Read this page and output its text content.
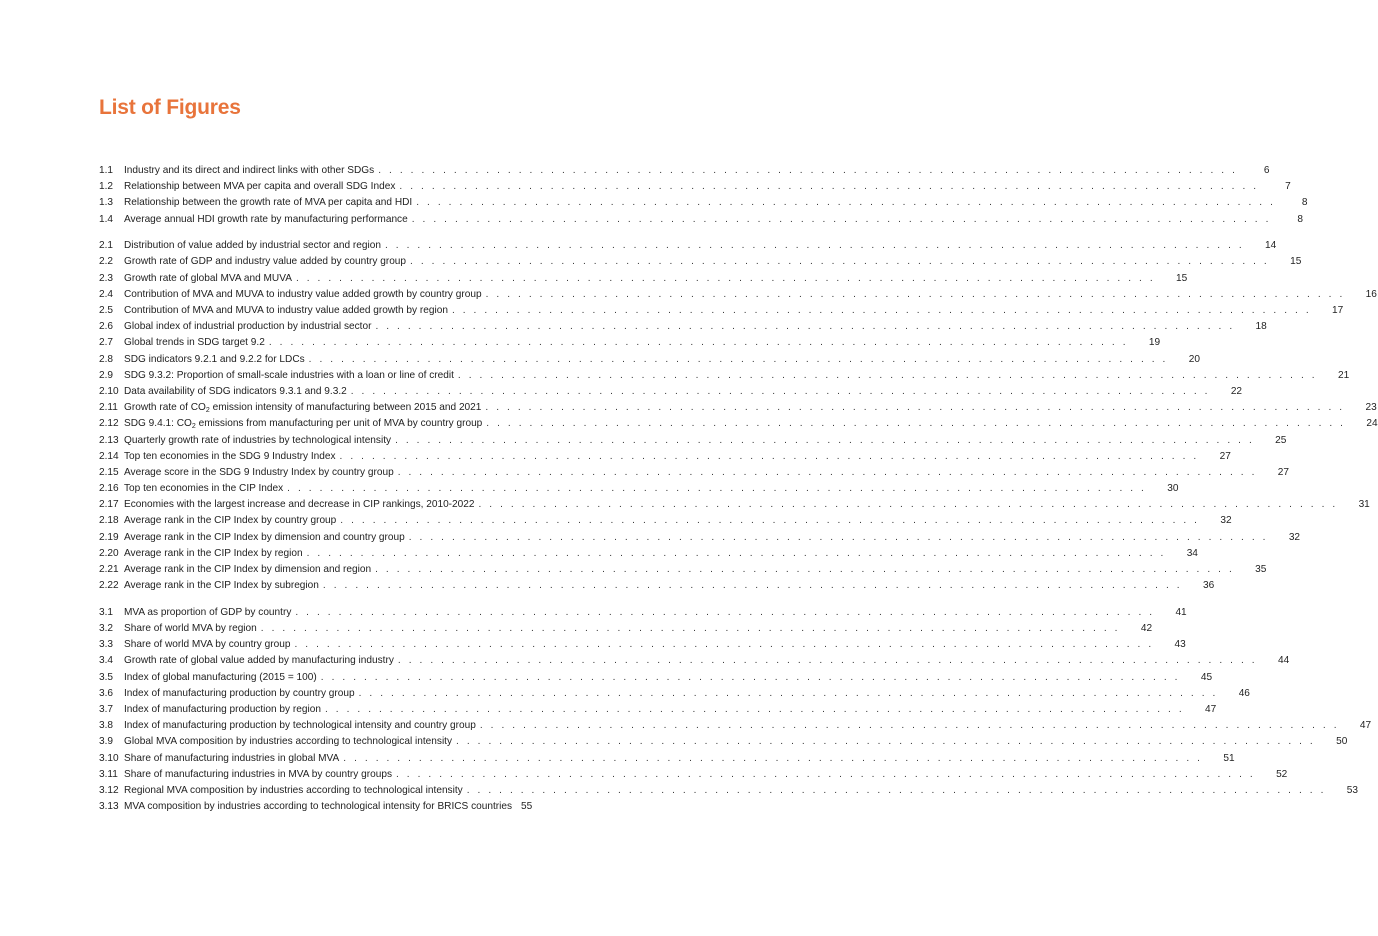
List of Figures
1.1	Industry and its direct and indirect links with other SDGs . . . . . . . . . . . . . . . . . . . . . . . . . . . . . . . . . . . . . . . . . . . . . . . . . . . . . . . . . . . . . . . . . . . . . . . . . . . . . . . .	6
1.2	Relationship between MVA per capita and overall SDG Index . . . . . . . . . . . . . . . . . . . . . . . . . . . . . . . . . . . . . . . . . . . . . . . . . . . . . . . . . . . . . . . . . . . . . . . . . . . . . . . .	7
1.3	Relationship between the growth rate of MVA per capita and HDI . . . . . . . . . . . . . . . . . . . . . . . . . . . . . . . . . . . . . . . . . . . . . . . . . . . . . . . . . . . . . . . . . . . . . . . . . . . . . . . .	8
1.4	Average annual HDI growth rate by manufacturing performance . . . . . . . . . . . . . . . . . . . . . . . . . . . . . . . . . . . . . . . . . . . . . . . . . . . . . . . . . . . . . . . . . . . . . . . . . . . . . . . .	8
2.1	Distribution of value added by industrial sector and region . . . . . . . . . . . . . . . . . . . . . . . . . . . . . . . . . . . . . . . . . . . . . . . . . . . . . . . . . . . . . . . . . . . . . . . . . . . . . . . .	14
2.2	Growth rate of GDP and industry value added by country group . . . . . . . . . . . . . . . . . . . . . . . . . . . . . . . . . . . . . . . . . . . . . . . . . . . . . . . . . . . . . . . . . . . . . . . . . . . . . . . .	15
2.3	Growth rate of global MVA and MUVA . . . . . . . . . . . . . . . . . . . . . . . . . . . . . . . . . . . . . . . . . . . . . . . . . . . . . . . . . . . . . . . . . . . . . . . . . . . . . . . .	15
2.4	Contribution of MVA and MUVA to industry value added growth by country group . . . . . . . . . . . . . . . . . . . . . . . . . . . . . . . . . . . . . . . . . . . . . . . . . . . . . . . . . . . . . . . . . . . . . . . . . . . . . . . .	16
2.5	Contribution of MVA and MUVA to industry value added growth by region . . . . . . . . . . . . . . . . . . . . . . . . . . . . . . . . . . . . . . . . . . . . . . . . . . . . . . . . . . . . . . . . . . . . . . . . . . . . . . . .	17
2.6	Global index of industrial production by industrial sector . . . . . . . . . . . . . . . . . . . . . . . . . . . . . . . . . . . . . . . . . . . . . . . . . . . . . . . . . . . . . . . . . . . . . . . . . . . . . . . .	18
2.7	Global trends in SDG target 9.2 . . . . . . . . . . . . . . . . . . . . . . . . . . . . . . . . . . . . . . . . . . . . . . . . . . . . . . . . . . . . . . . . . . . . . . . . . . . . . . . .	19
2.8	SDG indicators 9.2.1 and 9.2.2 for LDCs . . . . . . . . . . . . . . . . . . . . . . . . . . . . . . . . . . . . . . . . . . . . . . . . . . . . . . . . . . . . . . . . . . . . . . . . . . . . . . . .	20
2.9	SDG 9.3.2: Proportion of small-scale industries with a loan or line of credit . . . . . . . . . . . . . . . . . . . . . . . . . . . . . . . . . . . . . . . . . . . . . . . . . . . . . . . . . . . . . . . . . . . . . . . . . . . . . . . .	21
2.10 Data availability of SDG indicators 9.3.1 and 9.3.2 . . . . . . . . . . . . . . . . . . . . . . . . . . . . . . . . . . . . . . . . . . . . . . . . . . . . . . . . . . . . . . . . . . . . . . . . . . . . . . . .	22
2.11 Growth rate of $CO_2$ emission intensity of manufacturing between 2015 and 2021 . . . . . . . . . . . . . . . . . . . . . . . . . . . . . . . . . . . . . . . . . . . . . . . . . . . . . . . . . . . . . . . . . . . . . . . . . . . . . . . .	23
2.12 SDG 9.4.1: $CO_2$ emissions from manufacturing per unit of MVA by country group . . . . . . . . . . . . . . . . . . . . . . . . . . . . . . . . . . . . . . . . . . . . . . . . . . . . . . . . . . . . . . . . . . . . . . . . . . . . . . . .	24
2.13 Quarterly growth rate of industries by technological intensity . . . . . . . . . . . . . . . . . . . . . . . . . . . . . . . . . . . . . . . . . . . . . . . . . . . . . . . . . . . . . . . . . . . . . . . . . . . . . . . .	25
2.14 Top ten economies in the SDG 9 Industry Index . . . . . . . . . . . . . . . . . . . . . . . . . . . . . . . . . . . . . . . . . . . . . . . . . . . . . . . . . . . . . . . . . . . . . . . . . . . . . . . .	27
2.15 Average score in the SDG 9 Industry Index by country group . . . . . . . . . . . . . . . . . . . . . . . . . . . . . . . . . . . . . . . . . . . . . . . . . . . . . . . . . . . . . . . . . . . . . . . . . . . . . . . .	27
2.16 Top ten economies in the CIP Index . . . . . . . . . . . . . . . . . . . . . . . . . . . . . . . . . . . . . . . . . . . . . . . . . . . . . . . . . . . . . . . . . . . . . . . . . . . . . . . .	30
2.17 Economies with the largest increase and decrease in CIP rankings, 2010-2022 . . . . . . . . . . . . . . . . . . . . . . . . . . . . . . . . . . . . . . . . . . . . . . . . . . . . . . . . . . . . . . . . . . . . . . . . . . . . . . . .	31
2.18 Average rank in the CIP Index by country group . . . . . . . . . . . . . . . . . . . . . . . . . . . . . . . . . . . . . . . . . . . . . . . . . . . . . . . . . . . . . . . . . . . . . . . . . . . . . . . .	32
2.19 Average rank in the CIP Index by dimension and country group . . . . . . . . . . . . . . . . . . . . . . . . . . . . . . . . . . . . . . . . . . . . . . . . . . . . . . . . . . . . . . . . . . . . . . . . . . . . . . . .	32
2.20 Average rank in the CIP Index by region . . . . . . . . . . . . . . . . . . . . . . . . . . . . . . . . . . . . . . . . . . . . . . . . . . . . . . . . . . . . . . . . . . . . . . . . . . . . . . . .	34
2.21 Average rank in the CIP Index by dimension and region . . . . . . . . . . . . . . . . . . . . . . . . . . . . . . . . . . . . . . . . . . . . . . . . . . . . . . . . . . . . . . . . . . . . . . . . . . . . . . . .	35
2.22 Average rank in the CIP Index by subregion . . . . . . . . . . . . . . . . . . . . . . . . . . . . . . . . . . . . . . . . . . . . . . . . . . . . . . . . . . . . . . . . . . . . . . . . . . . . . . . .	36
3.1	MVA as proportion of GDP by country . . . . . . . . . . . . . . . . . . . . . . . . . . . . . . . . . . . . . . . . . . . . . . . . . . . . . . . . . . . . . . . . . . . . . . . . . . . . . . . .	41
3.2	Share of world MVA by region . . . . . . . . . . . . . . . . . . . . . . . . . . . . . . . . . . . . . . . . . . . . . . . . . . . . . . . . . . . . . . . . . . . . . . . . . . . . . . . .	42
3.3	Share of world MVA by country group . . . . . . . . . . . . . . . . . . . . . . . . . . . . . . . . . . . . . . . . . . . . . . . . . . . . . . . . . . . . . . . . . . . . . . . . . . . . . . . .	43
3.4	Growth rate of global value added by manufacturing industry . . . . . . . . . . . . . . . . . . . . . . . . . . . . . . . . . . . . . . . . . . . . . . . . . . . . . . . . . . . . . . . . . . . . . . . . . . . . . . . .	44
3.5	Index of global manufacturing (2015 = 100) . . . . . . . . . . . . . . . . . . . . . . . . . . . . . . . . . . . . . . . . . . . . . . . . . . . . . . . . . . . . . . . . . . . . . . . . . . . . . . . .	45
3.6	Index of manufacturing production by country group . . . . . . . . . . . . . . . . . . . . . . . . . . . . . . . . . . . . . . . . . . . . . . . . . . . . . . . . . . . . . . . . . . . . . . . . . . . . . . . .	46
3.7	Index of manufacturing production by region . . . . . . . . . . . . . . . . . . . . . . . . . . . . . . . . . . . . . . . . . . . . . . . . . . . . . . . . . . . . . . . . . . . . . . . . . . . . . . . .	47
3.8	Index of manufacturing production by technological intensity and country group . . . . . . . . . . . . . . . . . . . . . . . . . . . . . . . . . . . . . . . . . . . . . . . . . . . . . . . . . . . . . . . . . . . . . . . . . . . . . . . .	47
3.9	Global MVA composition by industries according to technological intensity . . . . . . . . . . . . . . . . . . . . . . . . . . . . . . . . . . . . . . . . . . . . . . . . . . . . . . . . . . . . . . . . . . . . . . . . . . . . . . . .	50
3.10 Share of manufacturing industries in global MVA . . . . . . . . . . . . . . . . . . . . . . . . . . . . . . . . . . . . . . . . . . . . . . . . . . . . . . . . . . . . . . . . . . . . . . . . . . . . . . . .	51
3.11 Share of manufacturing industries in MVA by country groups . . . . . . . . . . . . . . . . . . . . . . . . . . . . . . . . . . . . . . . . . . . . . . . . . . . . . . . . . . . . . . . . . . . . . . . . . . . . . . . .	52
3.12 Regional MVA composition by industries according to technological intensity . . . . . . . . . . . . . . . . . . . . . . . . . . . . . . . . . . . . . . . . . . . . . . . . . . . . . . . . . . . . . . . . . . . . . . . . . . . . . . . .	53
3.13 MVA composition by industries according to technological intensity for BRICS countries 55
